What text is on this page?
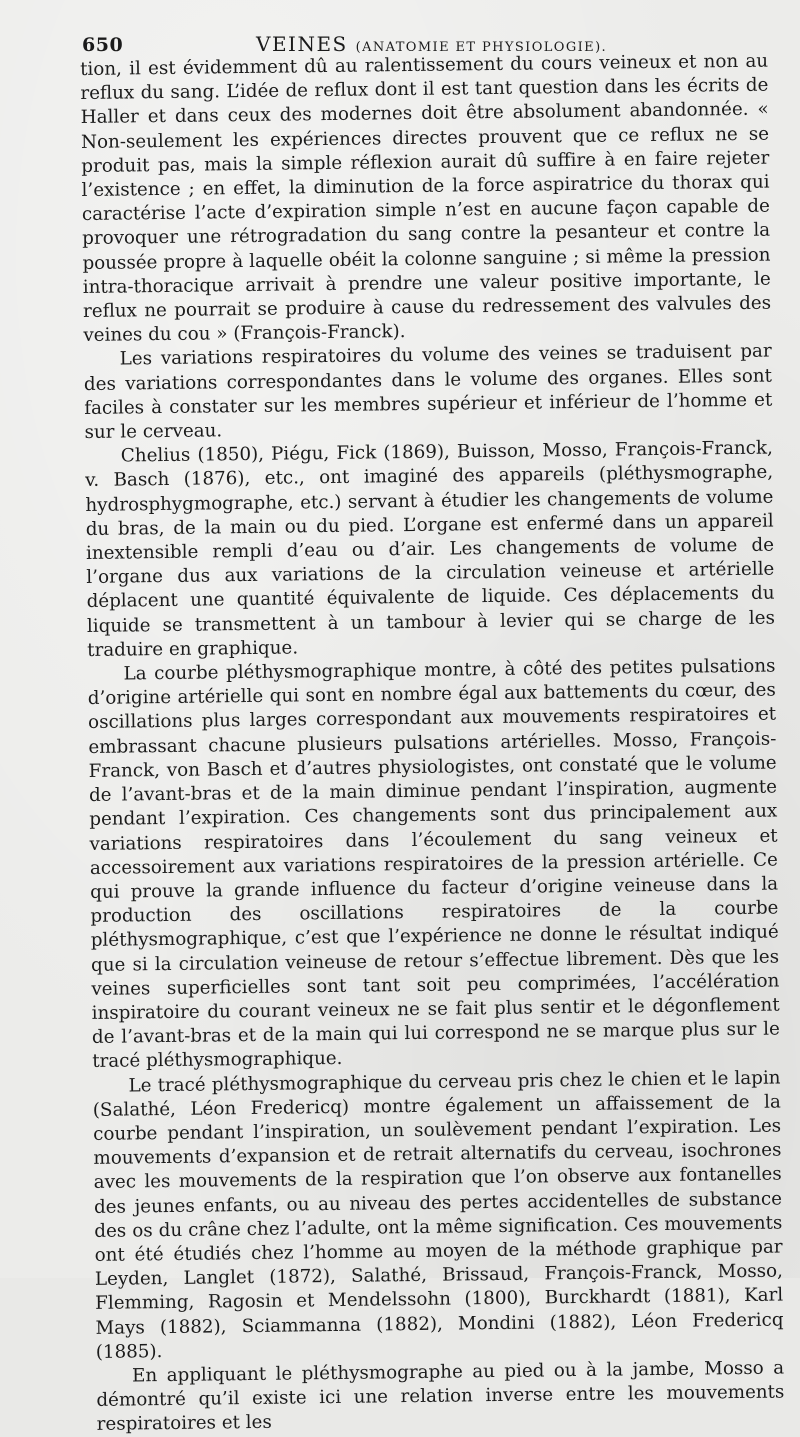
650	VEINES (ANATOMIE ET PHYSIOLOGIE).

tion, il est évidemment dû au ralentissement du cours veineux et non au reflux du sang. L’idée de reflux dont il est tant question dans les écrits de Haller et dans ceux des modernes doit être absolument abandonnée. « Non-seulement les expériences directes prouvent que ce reflux ne se produit pas, mais la simple réflexion aurait dû suffire à en faire rejeter l’existence ; en effet, la diminution de la force aspiratrice du thorax qui caractérise l’acte d’expiration simple n’est en aucune façon capable de provoquer une rétrogradation du sang contre la pesanteur et contre la poussée propre à laquelle obéit la colonne sanguine ; si même la pression intra-thoracique arrivait à prendre une valeur positive importante, le reflux ne pourrait se produire à cause du redressement des valvules des veines du cou » (François-Franck).

Les variations respiratoires du volume des veines se traduisent par des variations correspondantes dans le volume des organes. Elles sont faciles à constater sur les membres supérieur et inférieur de l’homme et sur le cerveau.

Chelius (1850), Piégu, Fick (1869), Buisson, Mosso, François-Franck, v. Basch (1876), etc., ont imaginé des appareils (pléthysmographe, hydrosphygmographe, etc.) servant à étudier les changements de volume du bras, de la main ou du pied. L’organe est enfermé dans un appareil inextensible rempli d’eau ou d’air. Les changements de volume de l’organe dus aux variations de la circulation veineuse et artérielle déplacent une quantité équivalente de liquide. Ces déplacements du liquide se transmettent à un tambour à levier qui se charge de les traduire en graphique.

La courbe pléthysmographique montre, à côté des petites pulsations d’origine artérielle qui sont en nombre égal aux battements du cœur, des oscillations plus larges correspondant aux mouvements respiratoires et embrassant chacune plusieurs pulsations artérielles. Mosso, François-Franck, von Basch et d’autres physiologistes, ont constaté que le volume de l’avant-bras et de la main diminue pendant l’inspiration, augmente pendant l’expiration. Ces changements sont dus principalement aux variations respiratoires dans l’écoulement du sang veineux et accessoirement aux variations respiratoires de la pression artérielle. Ce qui prouve la grande influence du facteur d’origine veineuse dans la production des oscillations respiratoires de la courbe pléthysmographique, c’est que l’expérience ne donne le résultat indiqué que si la circulation veineuse de retour s’effectue librement. Dès que les veines superficielles sont tant soit peu comprimées, l’accélération inspiratoire du courant veineux ne se fait plus sentir et le dégonflement de l’avant-bras et de la main qui lui correspond ne se marque plus sur le tracé pléthysmographique.

Le tracé pléthysmographique du cerveau pris chez le chien et le lapin (Salathé, Léon Fredericq) montre également un affaissement de la courbe pendant l’inspiration, un soulèvement pendant l’expiration. Les mouvements d’expansion et de retrait alternatifs du cerveau, isochrones avec les mouvements de la respiration que l’on observe aux fontanelles des jeunes enfants, ou au niveau des pertes accidentelles de substance des os du crâne chez l’adulte, ont la même signification. Ces mouvements ont été étudiés chez l’homme au moyen de la méthode graphique par Leyden, Langlet (1872), Salathé, Brissaud, François-Franck, Mosso, Flemming, Ragosin et Mendelssohn (1800), Burckhardt (1881), Karl Mays (1882), Sciammanna (1882), Mondini (1882), Léon Fredericq (1885).

En appliquant le pléthysmographe au pied ou à la jambe, Mosso a démontré qu’il existe ici une relation inverse entre les mouvements respiratoires et les
